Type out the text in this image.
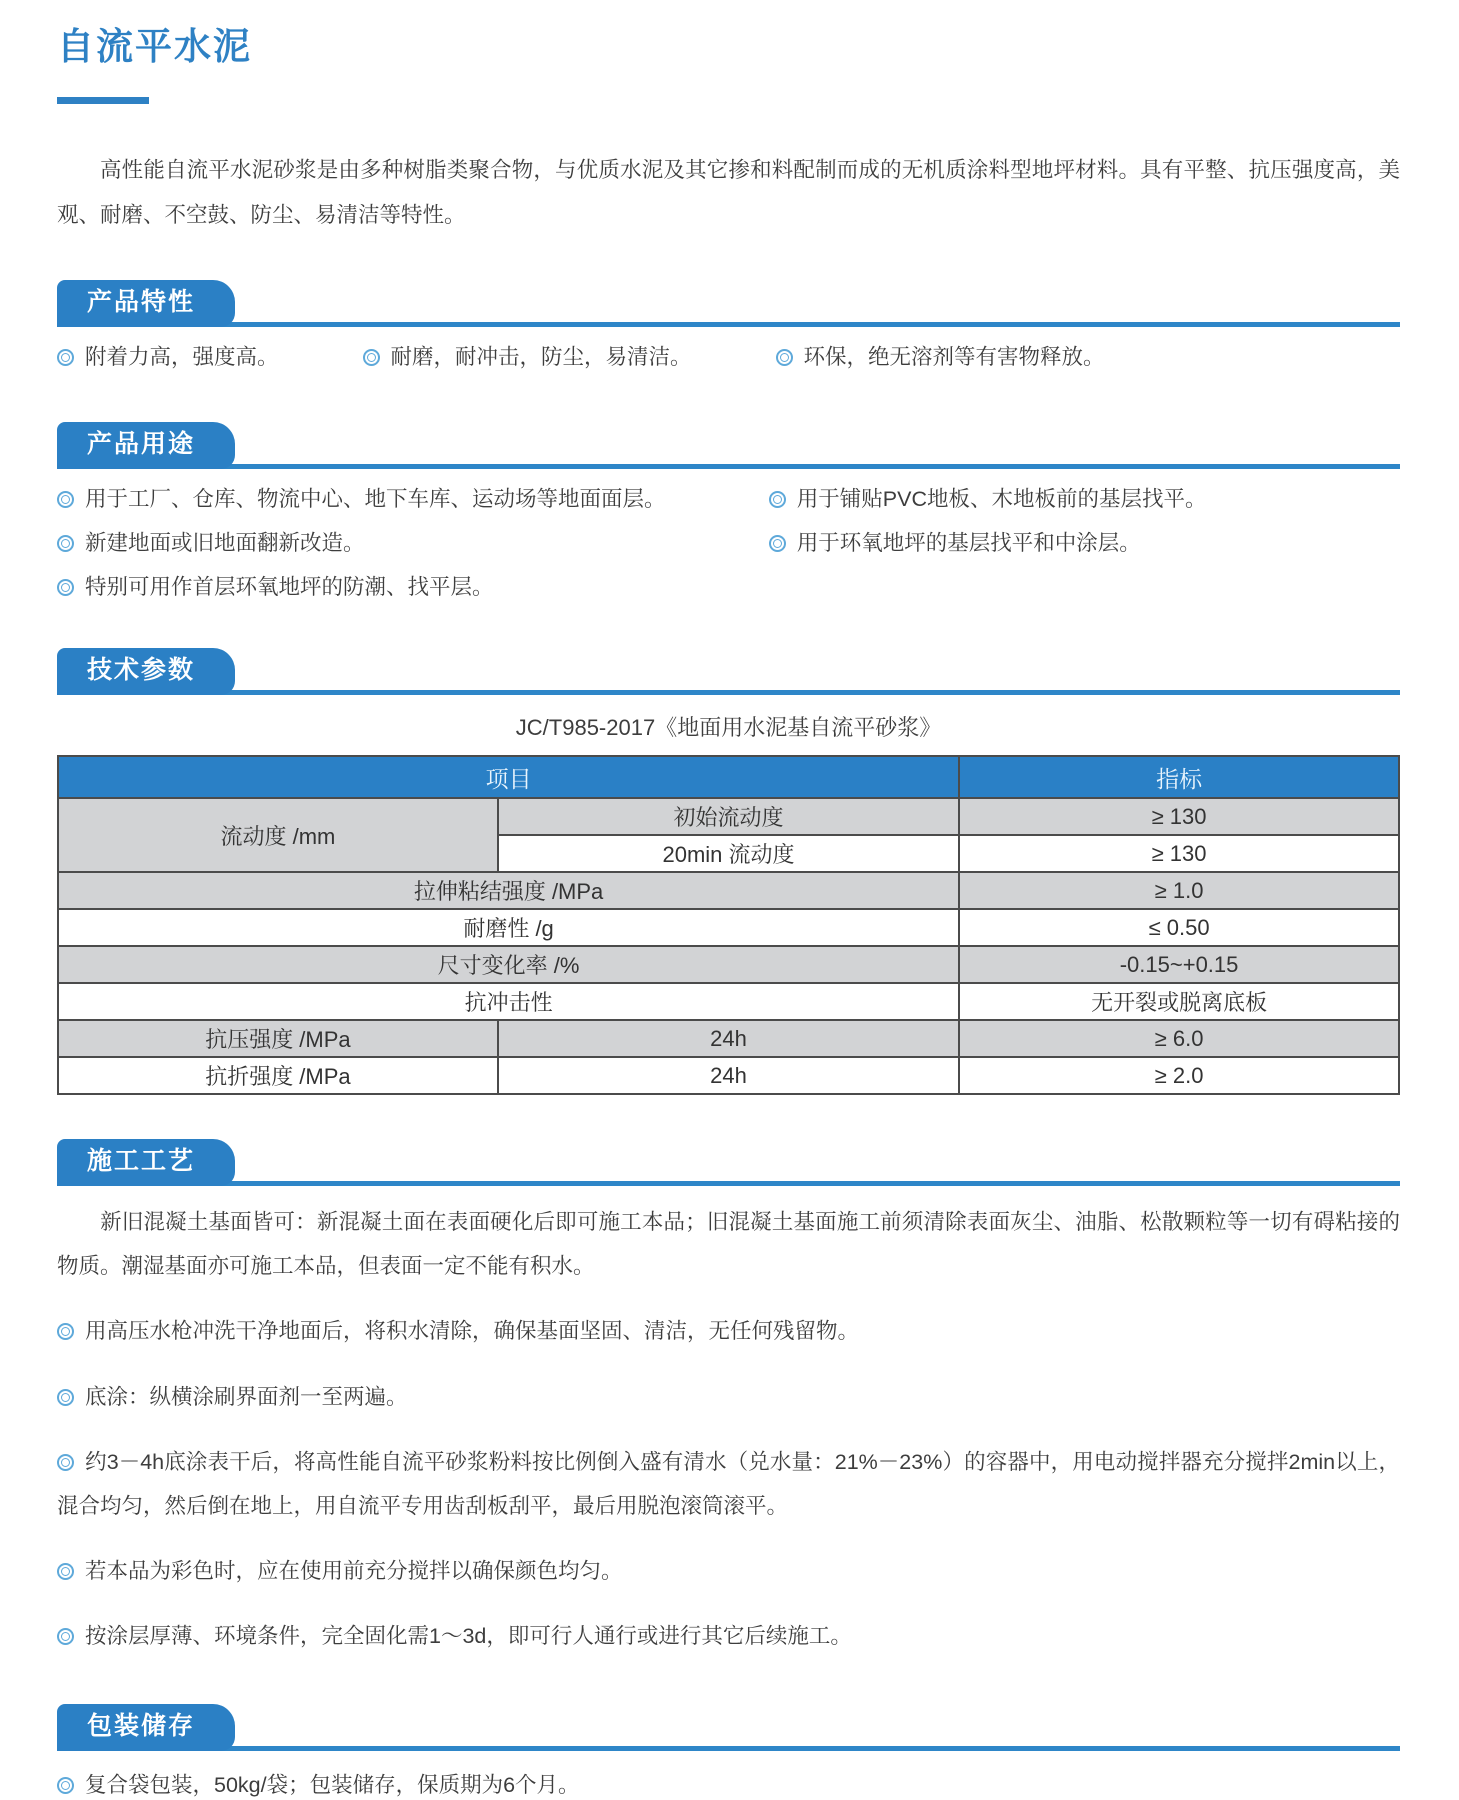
自流平水泥

高性能自流平水泥砂浆是由多种树脂类聚合物，与优质水泥及其它掺和料配制而成的无机质涂料型地坪材料。具有平整、抗压强度高，美观、耐磨、不空鼓、防尘、易清洁等特性。

产品特性
附着力高，强度高。	耐磨，耐冲击，防尘，易清洁。	环保，绝无溶剂等有害物释放。
产品用途
用于工厂、仓库、物流中心、地下车库、运动场等地面面层。
新建地面或旧地面翻新改造。
特别可用作首层环氧地坪的防潮、找平层。
用于铺贴PVC地板、木地板前的基层找平。
用于环氧地坪的基层找平和中涂层。
技术参数
JC/T985-2017《地面用水泥基自流平砂浆》
项目		指标
流动度 /mm	初始流动度	≥ 130
	20min 流动度	≥ 130
拉伸粘结强度 /MPa		≥ 1.0
耐磨性 /g		≤ 0.50
尺寸变化率 /%		-0.15~+0.15
抗冲击性		无开裂或脱离底板
抗压强度 /MPa	24h	≥ 6.0
抗折强度 /MPa	24h	≥ 2.0
施工工艺

新旧混凝土基面皆可：新混凝土面在表面硬化后即可施工本品；旧混凝土基面施工前须清除表面灰尘、油脂、松散颗粒等一切有碍粘接的物质。潮湿基面亦可施工本品，但表面一定不能有积水。

用高压水枪冲洗干净地面后，将积水清除，确保基面坚固、清洁，无任何残留物。

底涂：纵横涂刷界面剂一至两遍。

约3－4h底涂表干后，将高性能自流平砂浆粉料按比例倒入盛有清水（兑水量：21%－23%）的容器中，用电动搅拌器充分搅拌2min以上，混合均匀，然后倒在地上，用自流平专用齿刮板刮平，最后用脱泡滚筒滚平。

若本品为彩色时，应在使用前充分搅拌以确保颜色均匀。

按涂层厚薄、环境条件，完全固化需1～3d，即可行人通行或进行其它后续施工。

包装储存

复合袋包装，50kg/袋；包装储存，保质期为6个月。
